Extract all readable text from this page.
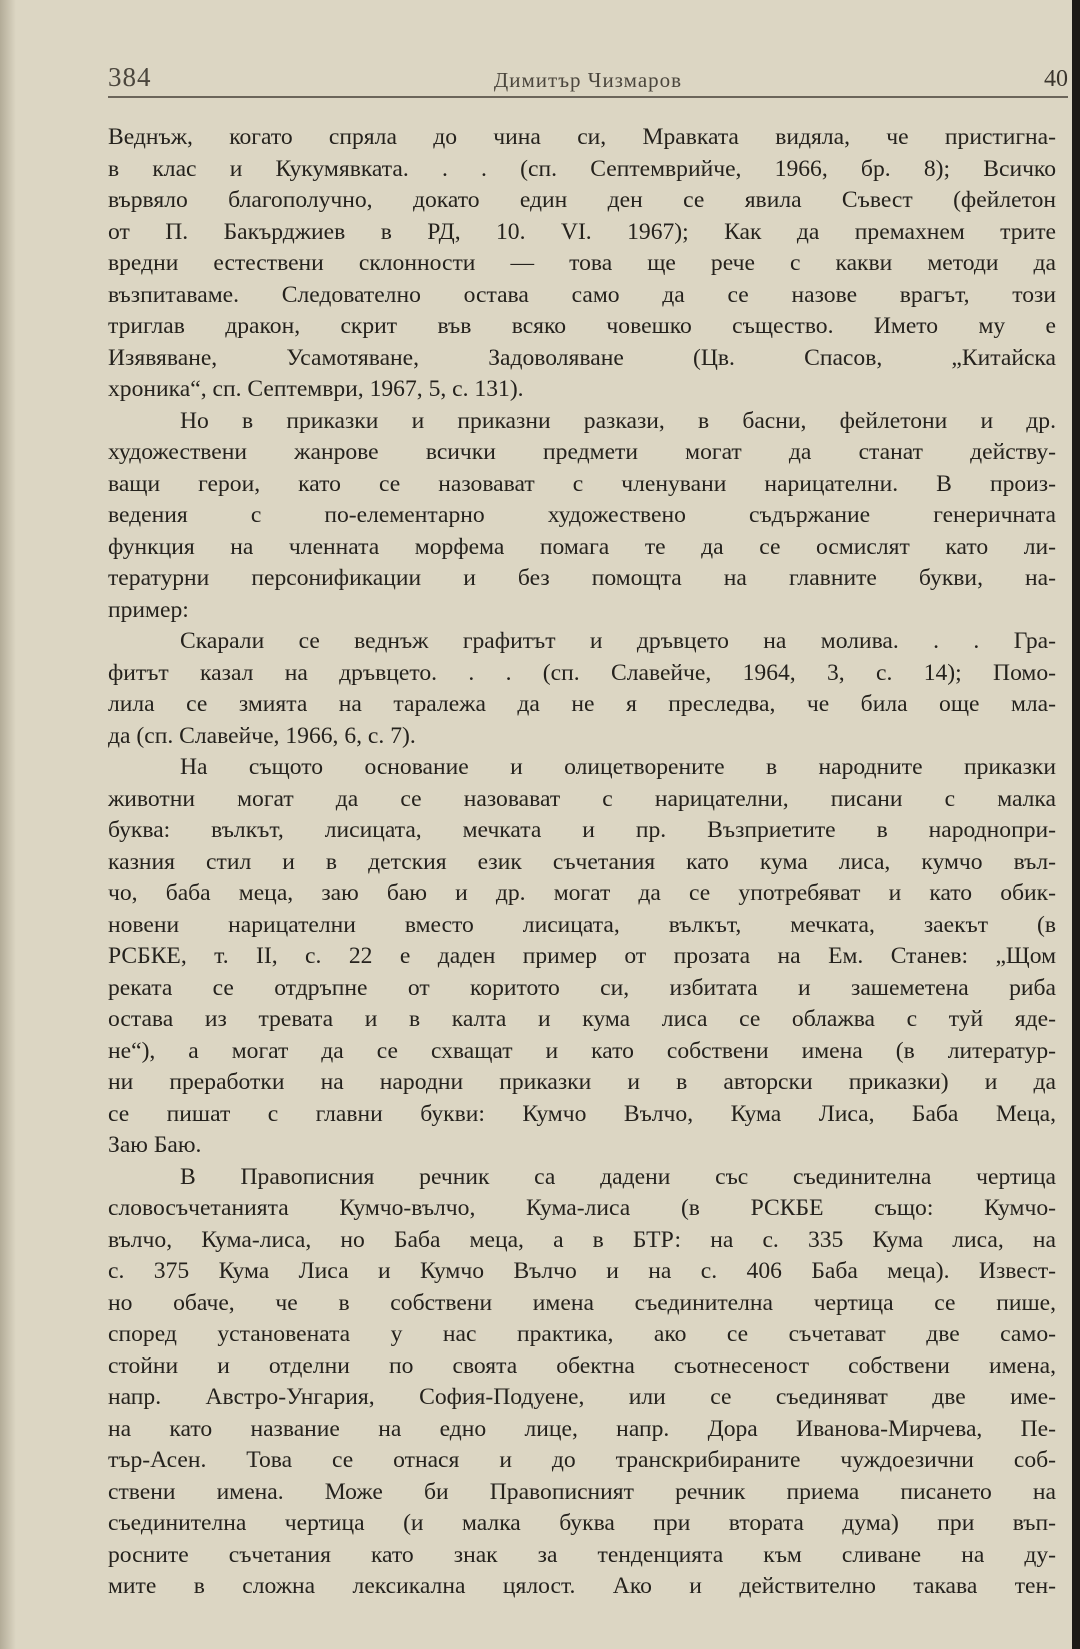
384	Димитър Чизмаров	40
Веднъж, когато спряла до чина си, Мравката видяла, че пристигна-
в клас и Кукумявката. . . (сп. Септемврийче, 1966, бр. 8); Всичко
вървяло благополучно, докато един ден се явила Съвест (фейлетон
от П. Бакърджиев в РД, 10. VI. 1967); Как да премахнем трите
вредни естествени склонности — това ще рече с какви методи да
възпитаваме. Следователно остава само да се назове врагът, този
триглав дракон, скрит във всяко човешко същество. Името му е
Изявяване, Усамотяване, Задоволяване (Цв. Спасов, „Китайска
хроника“, сп. Септември, 1967, 5, с. 131).
Но в приказки и приказни разкази, в басни, фейлетони и др.
художествени жанрове всички предмети могат да станат действу-
ващи герои, като се назовават с членувани нарицателни. В произ-
ведения с по-елементарно художествено съдържание генеричната
функция на членната морфема помага те да се осмислят като ли-
тературни персонификации и без помощта на главните букви, на-
пример:
Скарали се веднъж графитът и дръвцето на молива. . . Гра-
фитът казал на дръвцето. . . (сп. Славейче, 1964, 3, с. 14); Помо-
лила се змията на таралежа да не я преследва, че била още мла-
да (сп. Славейче, 1966, 6, с. 7).
На същото основание и олицетворените в народните приказки
животни могат да се назовават с нарицателни, писани с малка
буква: вълкът, лисицата, мечката и пр. Възприетите в народнопри-
казния стил и в детския език съчетания като кума лиса, кумчо въл-
чо, баба меца, заю баю и др. могат да се употребяват и като обик-
новени нарицателни вместо лисицата, вълкът, мечката, заекът (в
РСБКЕ, т. II, с. 22 е даден пример от прозата на Ем. Станев: „Щом
реката се отдръпне от коритото си, избитата и зашеметена риба
остава из тревата и в калта и кума лиса се облажва с туй яде-
не“), а могат да се схващат и като собствени имена (в литератур-
ни преработки на народни приказки и в авторски приказки) и да
се пишат с главни букви: Кумчо Вълчо, Кума Лиса, Баба Меца,
Заю Баю.
В Правописния речник са дадени със съединителна чертица
словосъчетанията Кумчо-вълчо, Кума-лиса (в РСКБЕ също: Кумчо-
вълчо, Кума-лиса, но Баба меца, а в БТР: на с. 335 Кума лиса, на
с. 375 Кума Лиса и Кумчо Вълчо и на с. 406 Баба меца). Извест-
но обаче, че в собствени имена съединителна чертица се пише,
според установената у нас практика, ако се съчетават две само-
стойни и отделни по своята обектна съотнесеност собствени имена,
напр. Австро-Унгария, София-Подуене, или се съединяват две име-
на като название на едно лице, напр. Дора Иванова-Мирчева, Пе-
тър-Асен. Това се отнася и до транскрибираните чуждоезични соб-
ствени имена. Може би Правописният речник приема писането на
съединителна чертица (и малка буква при втората дума) при въп-
росните съчетания като знак за тенденцията към сливане на ду-
мите в сложна лексикална цялост. Ако и действително такава тен-
